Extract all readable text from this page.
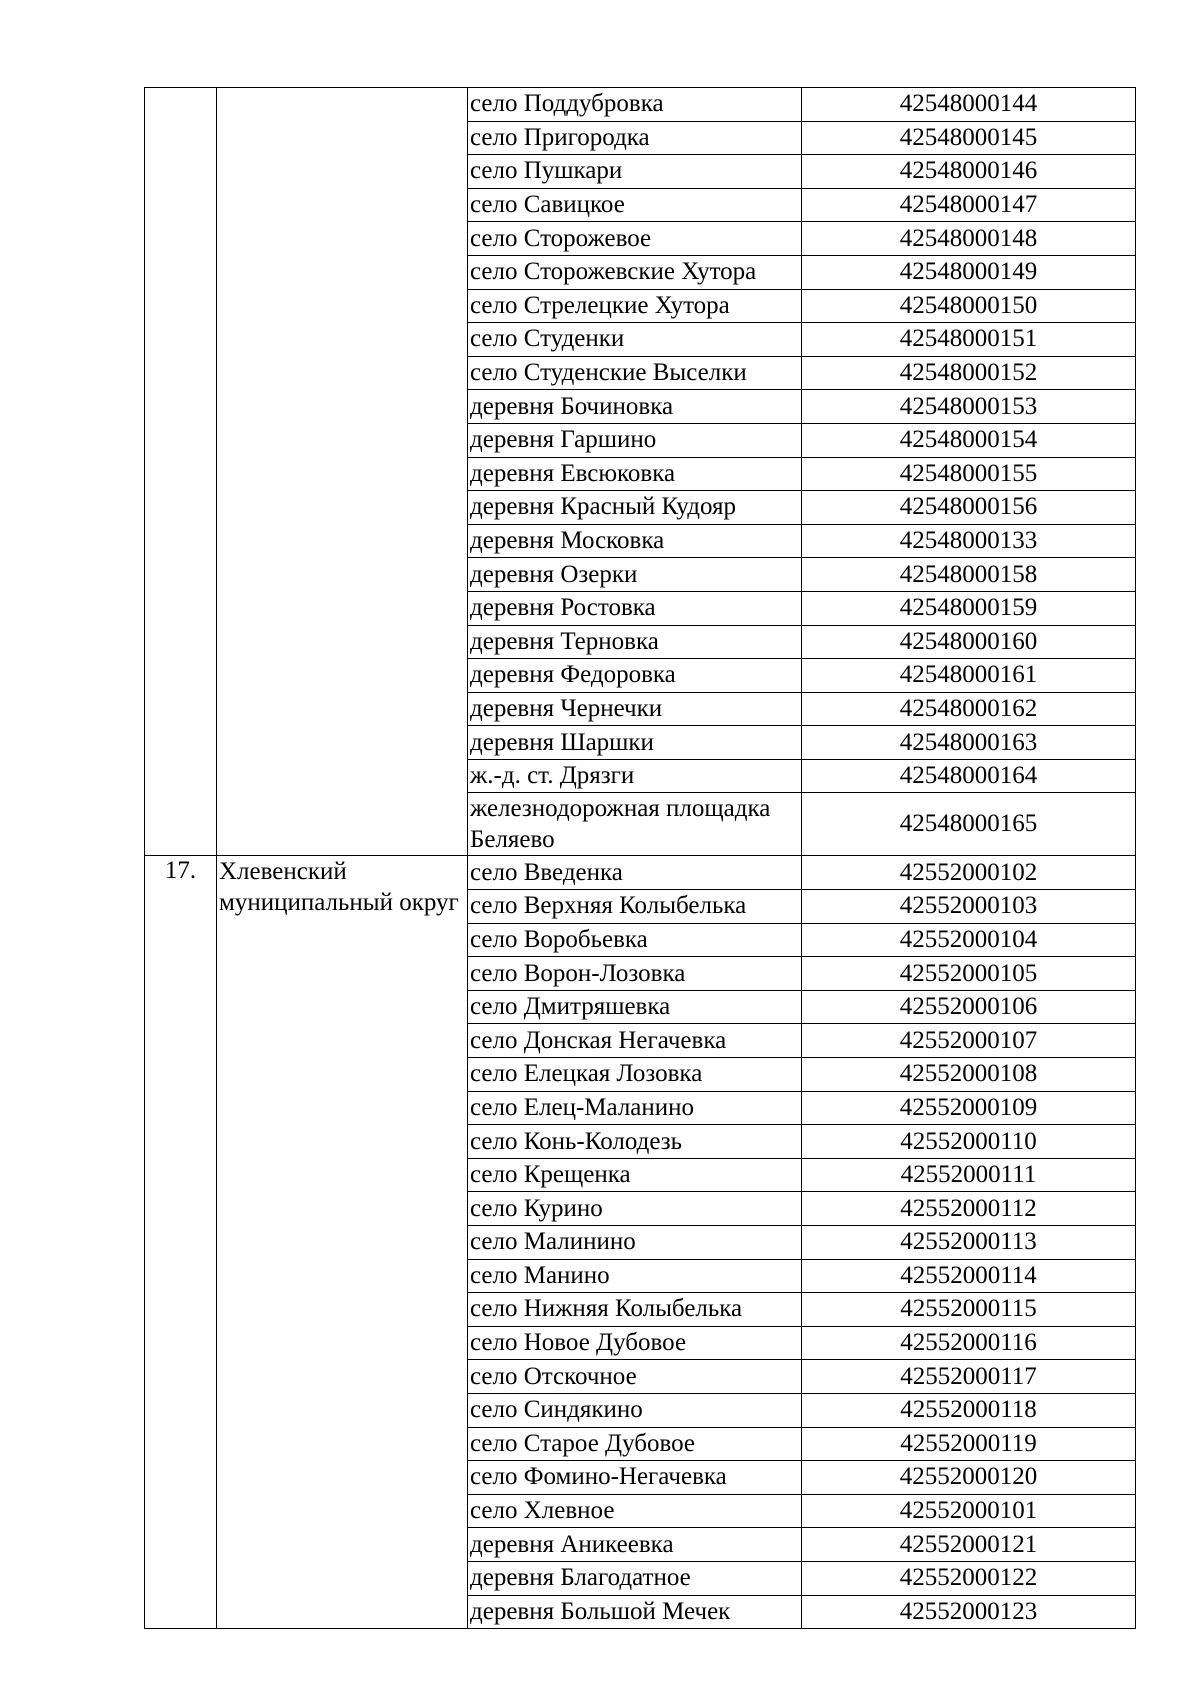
		село Поддубровка	42548000144
		село Пригородка	42548000145
		село Пушкари	42548000146
		село Савицкое	42548000147
		село Сторожевое	42548000148
		село Сторожевские Хутора	42548000149
		село Стрелецкие Хутора	42548000150
		село Студенки	42548000151
		село Студенские Выселки	42548000152
		деревня Бочиновка	42548000153
		деревня Гаршино	42548000154
		деревня Евсюковка	42548000155
		деревня Красный Кудояр	42548000156
		деревня Московка	42548000133
		деревня Озерки	42548000158
		деревня Ростовка	42548000159
		деревня Терновка	42548000160
		деревня Федоровка	42548000161
		деревня Чернечки	42548000162
		деревня Шаршки	42548000163
		ж.-д. ст. Дрязги	42548000164
		железнодорожная площадка Беляево	42548000165
17.	Хлевенский муниципальный округ	село Введенка	42552000102
		село Верхняя Колыбелька	42552000103
		село Воробьевка	42552000104
		село Ворон-Лозовка	42552000105
		село Дмитряшевка	42552000106
		село Донская Негачевка	42552000107
		село Елецкая Лозовка	42552000108
		село Елец-Маланино	42552000109
		село Конь-Колодезь	42552000110
		село Крещенка	42552000111
		село Курино	42552000112
		село Малинино	42552000113
		село Манино	42552000114
		село Нижняя Колыбелька	42552000115
		село Новое Дубовое	42552000116
		село Отскочное	42552000117
		село Синдякино	42552000118
		село Старое Дубовое	42552000119
		село Фомино-Негачевка	42552000120
		село Хлевное	42552000101
		деревня Аникеевка	42552000121
		деревня Благодатное	42552000122
		деревня Большой Мечек	42552000123
